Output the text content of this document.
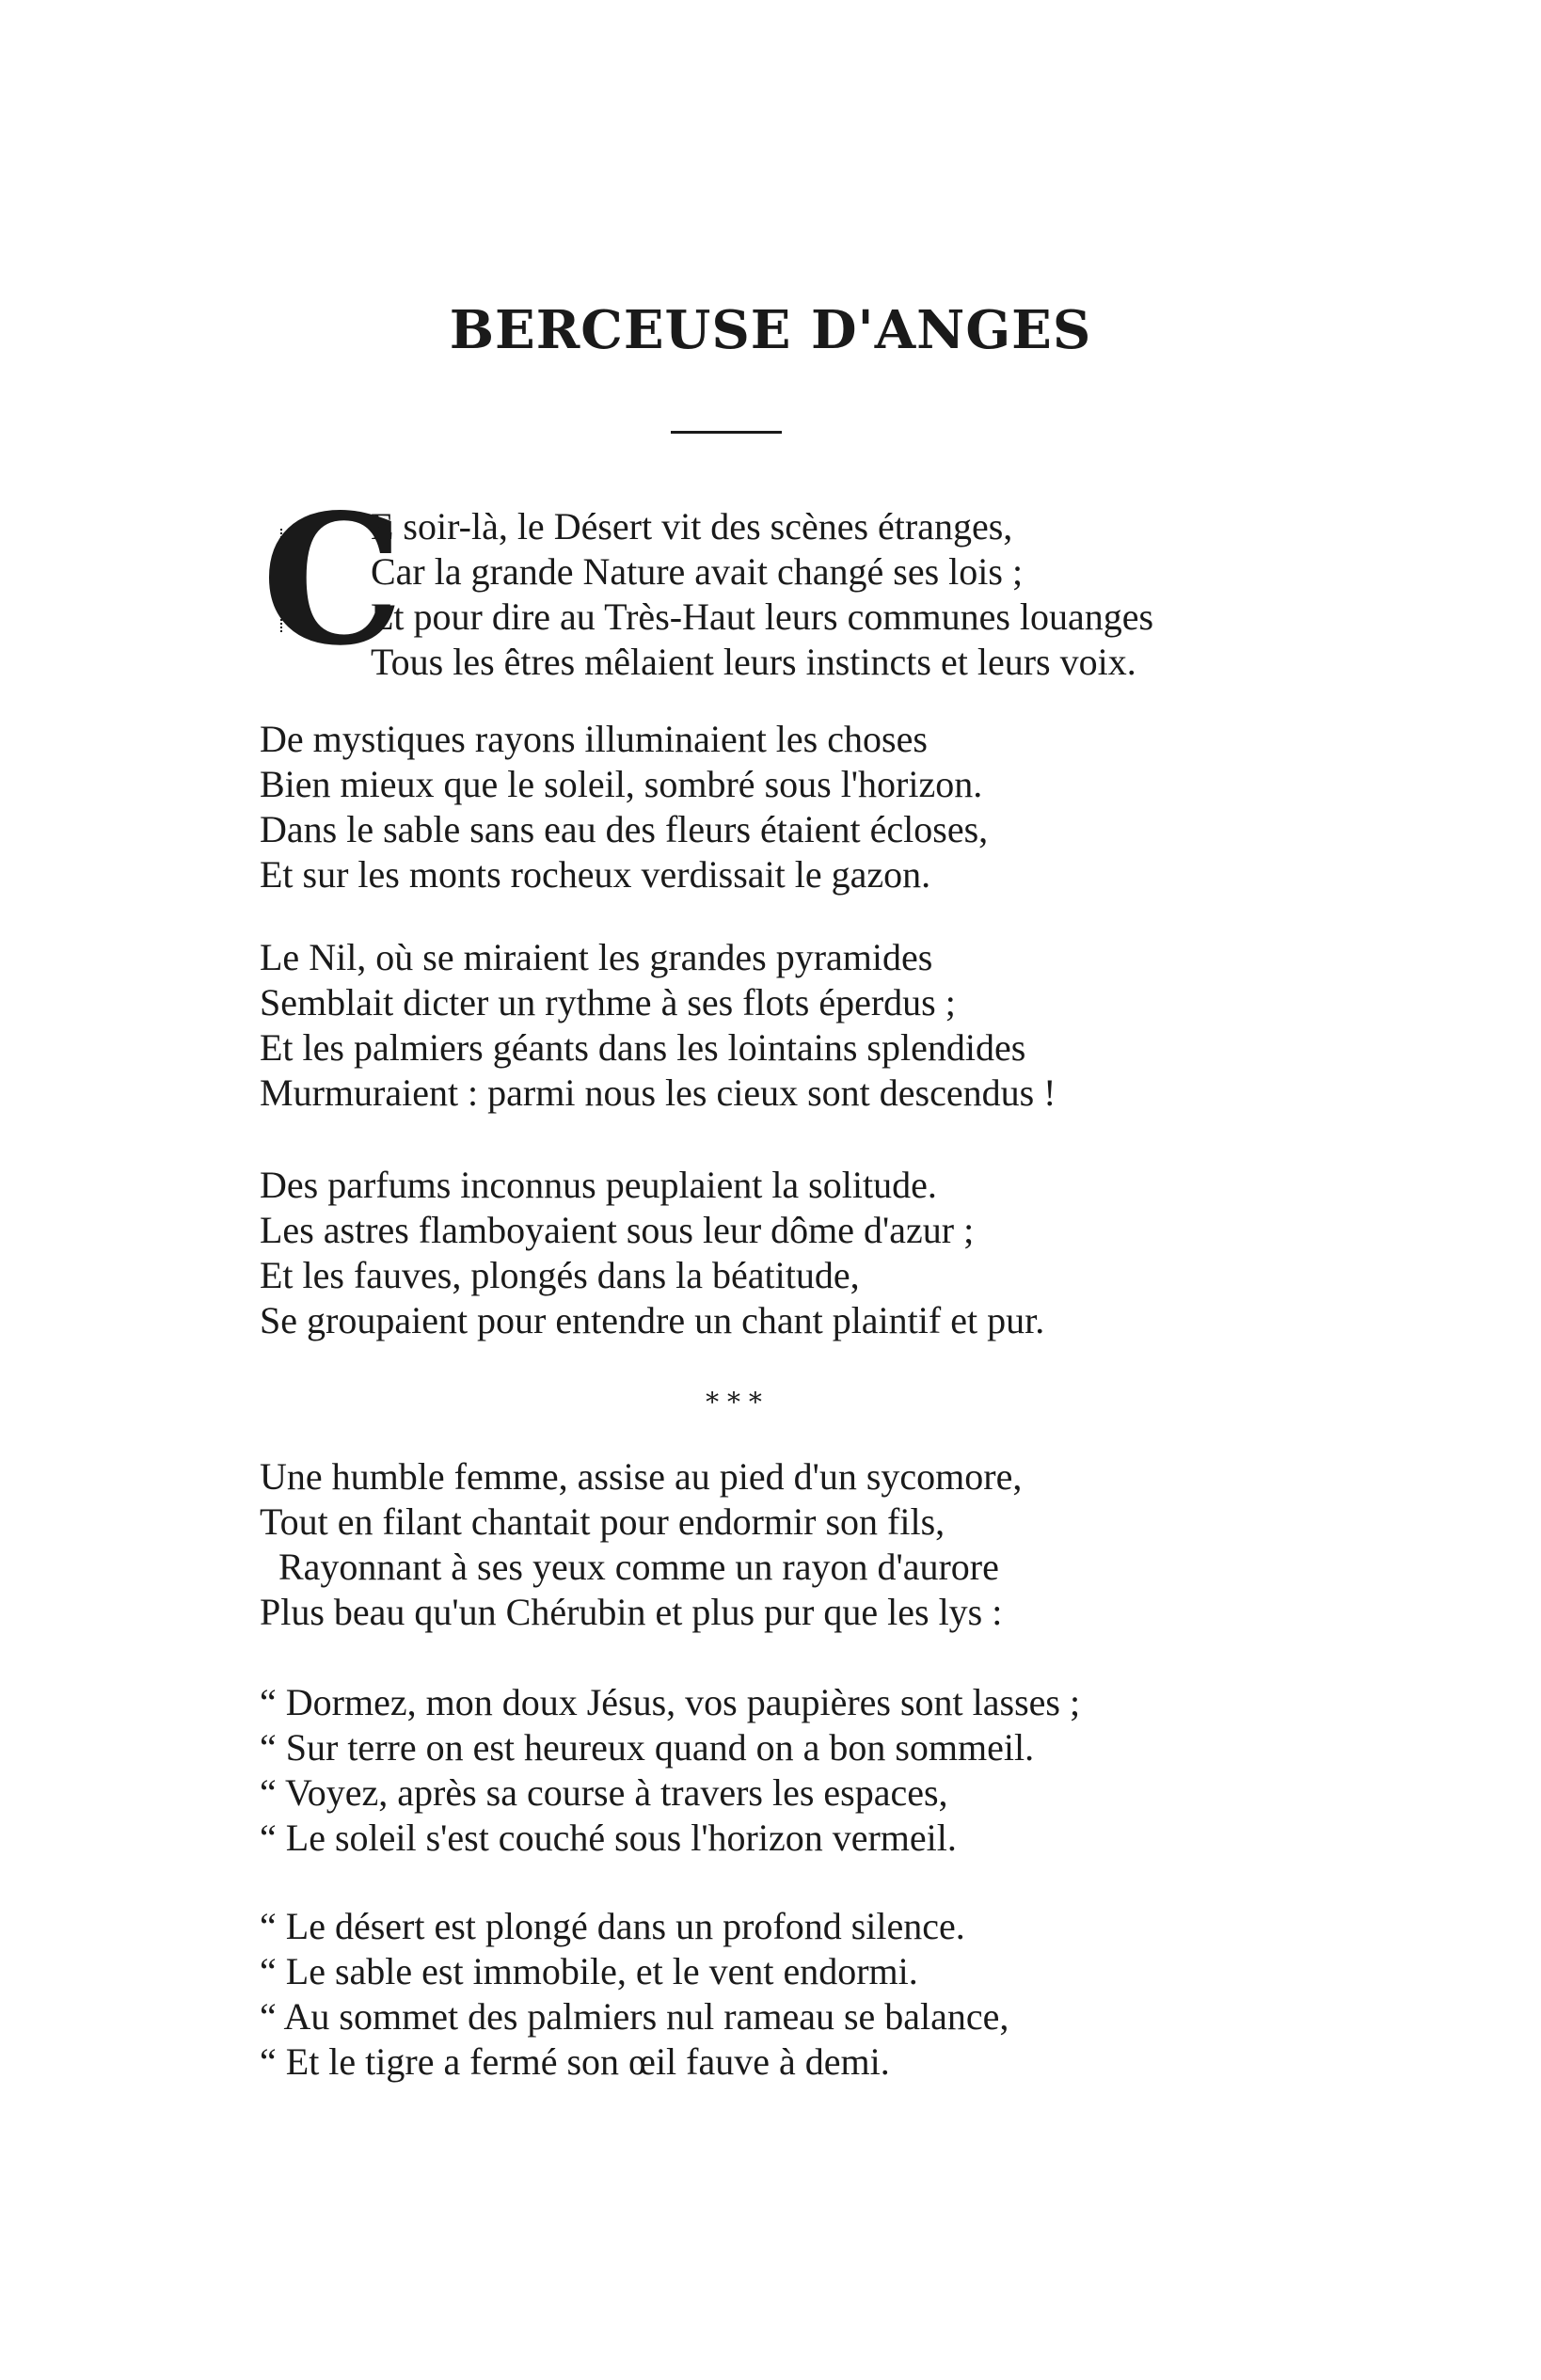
BERCEUSE D'ANGES
C
E soir-là, le Désert vit des scènes étranges,
Car la grande Nature avait changé ses lois ;
Et pour dire au Très-Haut leurs communes louanges
Tous les êtres mêlaient leurs instincts et leurs voix.
De mystiques rayons illuminaient les choses
Bien mieux que le soleil, sombré sous l'horizon.
Dans le sable sans eau des fleurs étaient écloses,
Et sur les monts rocheux verdissait le gazon.
Le Nil, où se miraient les grandes pyramides
Semblait dicter un rythme à ses flots éperdus ;
Et les palmiers géants dans les lointains splendides
Murmuraient : parmi nous les cieux sont descendus !
Des parfums inconnus peuplaient la solitude.
Les astres flamboyaient sous leur dôme d'azur ;
Et les fauves, plongés dans la béatitude,
Se groupaient pour entendre un chant plaintif et pur.
* * *
Une humble femme, assise au pied d'un sycomore,
Tout en filant chantait pour endormir son fils,
Rayonnant à ses yeux comme un rayon d'aurore
Plus beau qu'un Chérubin et plus pur que les lys :
“ Dormez, mon doux Jésus, vos paupières sont lasses ;
“ Sur terre on est heureux quand on a bon sommeil.
“ Voyez, après sa course à travers les espaces,
“ Le soleil s'est couché sous l'horizon vermeil.
“ Le désert est plongé dans un profond silence.
“ Le sable est immobile, et le vent endormi.
“ Au sommet des palmiers nul rameau se balance,
“ Et le tigre a fermé son œil fauve à demi.
